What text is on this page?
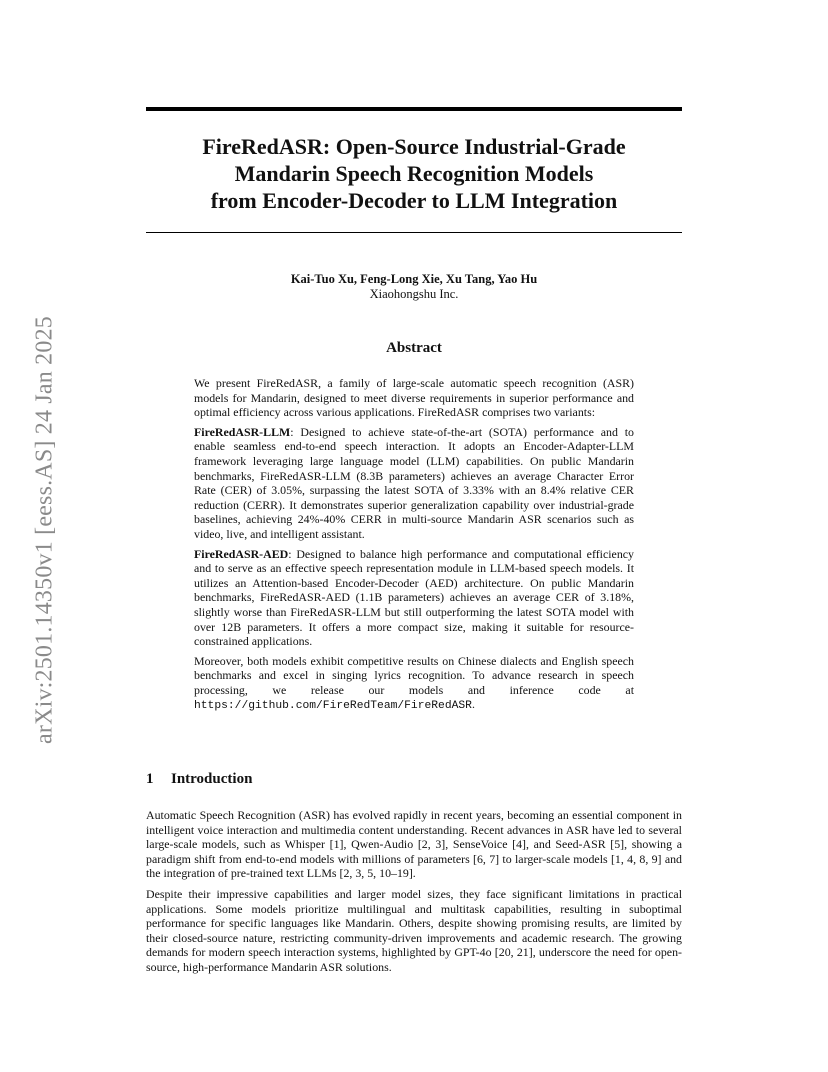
arXiv:2501.14350v1 [eess.AS] 24 Jan 2025
FireRedASR: Open-Source Industrial-Grade
Mandarin Speech Recognition Models
from Encoder-Decoder to LLM Integration
Kai-Tuo Xu, Feng-Long Xie, Xu Tang, Yao Hu
Xiaohongshu Inc.
Abstract

We present FireRedASR, a family of large-scale automatic speech recognition (ASR) models for Mandarin, designed to meet diverse requirements in superior performance and optimal efficiency across various applications. FireRedASR comprises two variants:

FireRedASR-LLM: Designed to achieve state-of-the-art (SOTA) performance and to enable seamless end-to-end speech interaction. It adopts an Encoder-Adapter-LLM framework leveraging large language model (LLM) capabilities. On public Mandarin benchmarks, FireRedASR-LLM (8.3B parameters) achieves an average Character Error Rate (CER) of 3.05%, surpassing the latest SOTA of 3.33% with an 8.4% relative CER reduction (CERR). It demonstrates superior generalization capability over industrial-grade baselines, achieving 24%-40% CERR in multi-source Mandarin ASR scenarios such as video, live, and intelligent assistant.

FireRedASR-AED: Designed to balance high performance and computational efficiency and to serve as an effective speech representation module in LLM-based speech models. It utilizes an Attention-based Encoder-Decoder (AED) architecture. On public Mandarin benchmarks, FireRedASR-AED (1.1B parameters) achieves an average CER of 3.18%, slightly worse than FireRedASR-LLM but still outperforming the latest SOTA model with over 12B parameters. It offers a more compact size, making it suitable for resource-constrained applications.

Moreover, both models exhibit competitive results on Chinese dialects and English speech benchmarks and excel in singing lyrics recognition. To advance research in speech processing, we release our models and inference code at https://github.com/FireRedTeam/FireRedASR.

1 Introduction

Automatic Speech Recognition (ASR) has evolved rapidly in recent years, becoming an essential component in intelligent voice interaction and multimedia content understanding. Recent advances in ASR have led to several large-scale models, such as Whisper [1], Qwen-Audio [2, 3], SenseVoice [4], and Seed-ASR [5], showing a paradigm shift from end-to-end models with millions of parameters [6, 7] to larger-scale models [1, 4, 8, 9] and the integration of pre-trained text LLMs [2, 3, 5, 10–19].

Despite their impressive capabilities and larger model sizes, they face significant limitations in practical applications. Some models prioritize multilingual and multitask capabilities, resulting in suboptimal performance for specific languages like Mandarin. Others, despite showing promising results, are limited by their closed-source nature, restricting community-driven improvements and academic research. The growing demands for modern speech interaction systems, highlighted by GPT-4o [20, 21], underscore the need for open-source, high-performance Mandarin ASR solutions.
